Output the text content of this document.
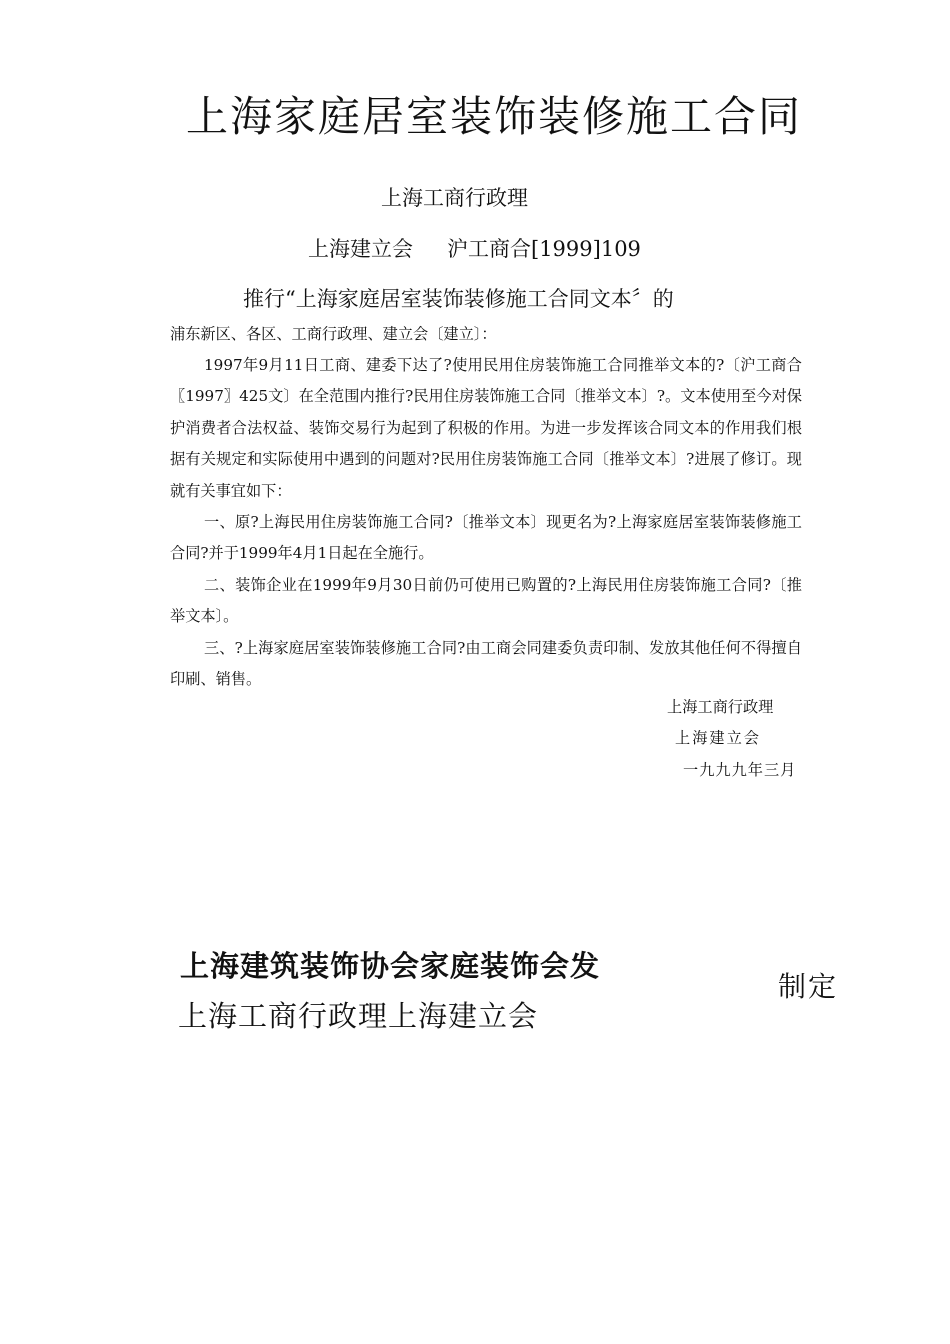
上海家庭居室装饰装修施工合同
上海工商行政理
上海建立会 沪工商合[1999]109
推行“上海家庭居室装饰装修施工合同文本〞的
浦东新区、各区、工商行政理、建立会〔建立〕：
1997年9月11日工商、建委下达了?使用民用住房装饰施工合同推举文本的?〔沪工商合〖1997〗425文〕在全范围内推行?民用住房装饰施工合同〔推举文本〕?。文本使用至今对保护消费者合法权益、装饰交易行为起到了积极的作用。为进一步发挥该合同文本的作用我们根据有关规定和实际使用中遇到的问题对?民用住房装饰施工合同〔推举文本〕?进展了修订。现就有关事宜如下：
一、原?上海民用住房装饰施工合同?〔推举文本〕现更名为?上海家庭居室装饰装修施工合同?并于1999年4月1日起在全施行。
二、装饰企业在1999年9月30日前仍可使用已购置的?上海民用住房装饰施工合同?〔推举文本〕。
三、?上海家庭居室装饰装修施工合同?由工商会同建委负责印制、发放其他任何不得擅自印刷、销售。
上海工商行政理
上海建立会
一九九九年三月
上海建筑装饰协会家庭装饰会发
上海工商行政理上海建立会
制定
